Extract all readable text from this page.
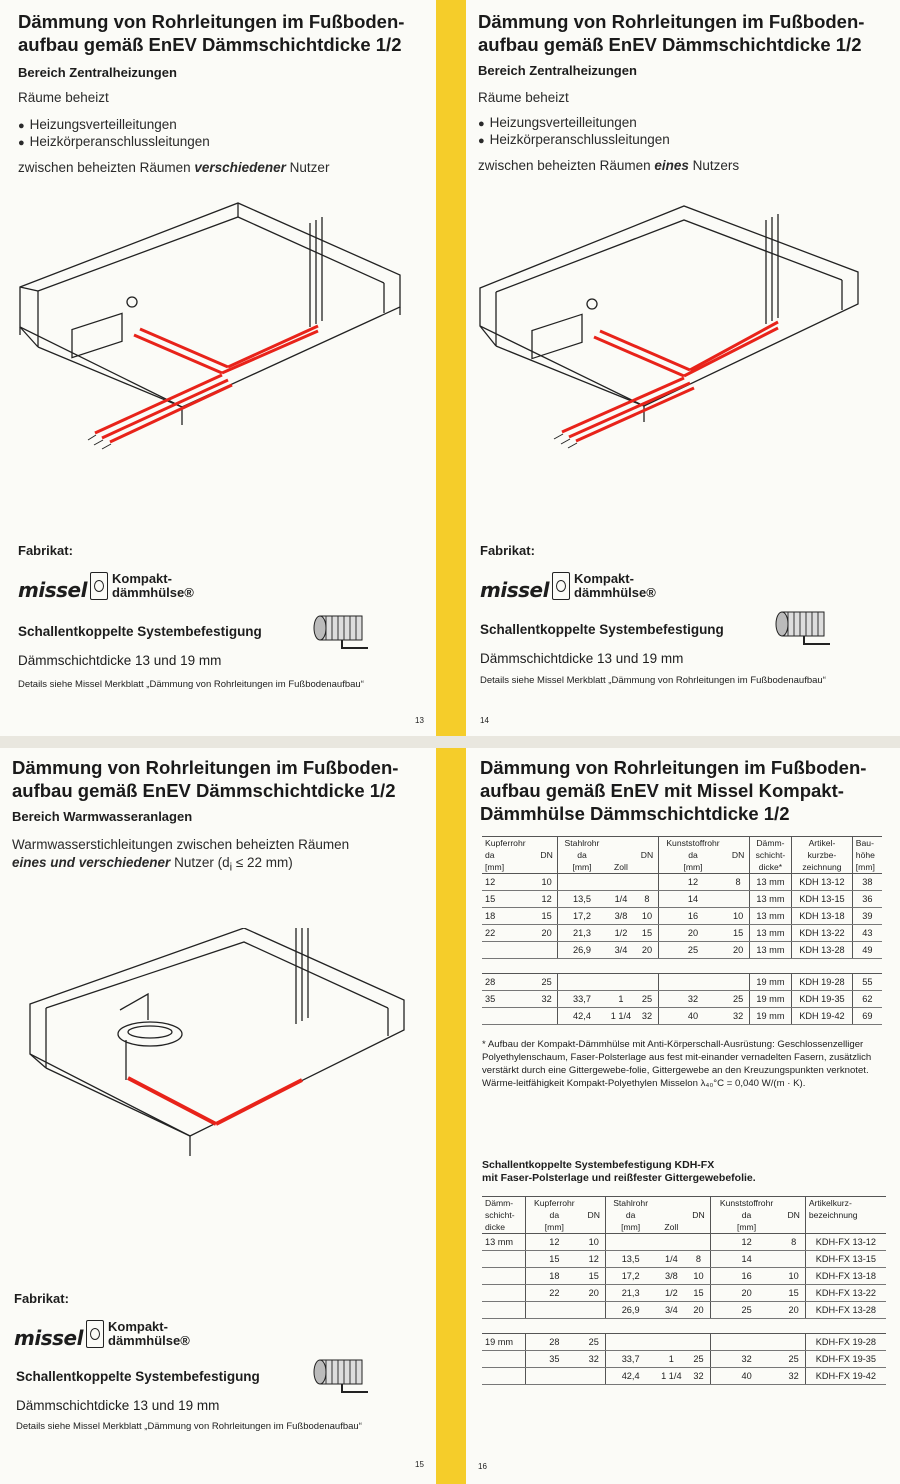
Dämmung von Rohrleitungen im Fußboden-
aufbau gemäß EnEV Dämmschichtdicke 1/2
Bereich Zentralheizungen
Räume beheizt
● Heizungsverteilleitungen
● Heizkörperanschlussleitungen
zwischen beheizten Räumen verschiedener Nutzer
Fabrikat:
missel Kompakt-
dämmhülse®
Schallentkoppelte Systembefestigung
Dämmschichtdicke 13 und 19 mm
Details siehe Missel Merkblatt „Dämmung von Rohrleitungen im Fußbodenaufbau“
13
Dämmung von Rohrleitungen im Fußboden-
aufbau gemäß EnEV Dämmschichtdicke 1/2
Bereich Zentralheizungen
Räume beheizt
● Heizungsverteilleitungen
● Heizkörperanschlussleitungen
zwischen beheizten Räumen eines Nutzers
Fabrikat:
missel Kompakt-
dämmhülse®
Schallentkoppelte Systembefestigung
Dämmschichtdicke 13 und 19 mm
Details siehe Missel Merkblatt „Dämmung von Rohrleitungen im Fußbodenaufbau“
14
Dämmung von Rohrleitungen im Fußboden-
aufbau gemäß EnEV Dämmschichtdicke 1/2
Bereich Warmwasseranlagen
Warmwasserstichleitungen zwischen beheizten Räumen
eines und verschiedener Nutzer ($d_i \le 22$ mm)
Fabrikat:
missel Kompakt-
dämmhülse®
Schallentkoppelte Systembefestigung
Dämmschichtdicke 13 und 19 mm
Details siehe Missel Merkblatt „Dämmung von Rohrleitungen im Fußbodenaufbau“
15
Dämmung von Rohrleitungen im Fußboden-
aufbau gemäß EnEV mit Missel Kompakt-
Dämmhülse Dämmschichtdicke 1/2
Kupferrohr		Stahlrohr			Kunststoffrohr		Dämm-	Artikel-	Bau-
da	DN	da		DN	da	DN	schicht-	kurzbe-	höhe
[mm]		[mm]	Zoll		[mm]		dicke*	zeichnung	[mm]
12	10				12	8	13 mm	KDH 13-12	38
15	12	13,5	1/4	8	14		13 mm	KDH 13-15	36
18	15	17,2	3/8	10	16	10	13 mm	KDH 13-18	39
22	20	21,3	1/2	15	20	15	13 mm	KDH 13-22	43
		26,9	3/4	20	25	20	13 mm	KDH 13-28	49

28	25						19 mm	KDH 19-28	55
35	32	33,7	1	25	32	25	19 mm	KDH 19-35	62
		42,4	1 1/4	32	40	32	19 mm	KDH 19-42	69
* Aufbau der Kompakt-Dämmhülse mit Anti-Körperschall-Ausrüstung: Geschlossenzelliger Polyethylenschaum, Faser-Polsterlage aus fest mit-einander vernadelten Fasern, zusätzlich verstärkt durch eine Gittergewebe-folie, Gittergewebe an den Kreuzungspunkten verknotet. Wärme-leitfähigkeit Kompakt-Polyethylen Misselon λ₄₀°C = 0,040 W/(m · K).
Schallentkoppelte Systembefestigung KDH-FX
mit Faser-Polsterlage und reißfester Gittergewebefolie.
Dämm-	Kupferrohr		Stahlrohr			Kunststoffrohr		Artikelkurz-
schicht-	da	DN	da		DN	da	DN	bezeichnung
dicke	[mm]		[mm]	Zoll		[mm]		
13 mm	12	10				12	8	KDH-FX 13-12
	15	12	13,5	1/4	8	14		KDH-FX 13-15
	18	15	17,2	3/8	10	16	10	KDH-FX 13-18
	22	20	21,3	1/2	15	20	15	KDH-FX 13-22
			26,9	3/4	20	25	20	KDH-FX 13-28

19 mm	28	25						KDH-FX 19-28
	35	32	33,7	1	25	32	25	KDH-FX 19-35
			42,4	1 1/4	32	40	32	KDH-FX 19-42
16
